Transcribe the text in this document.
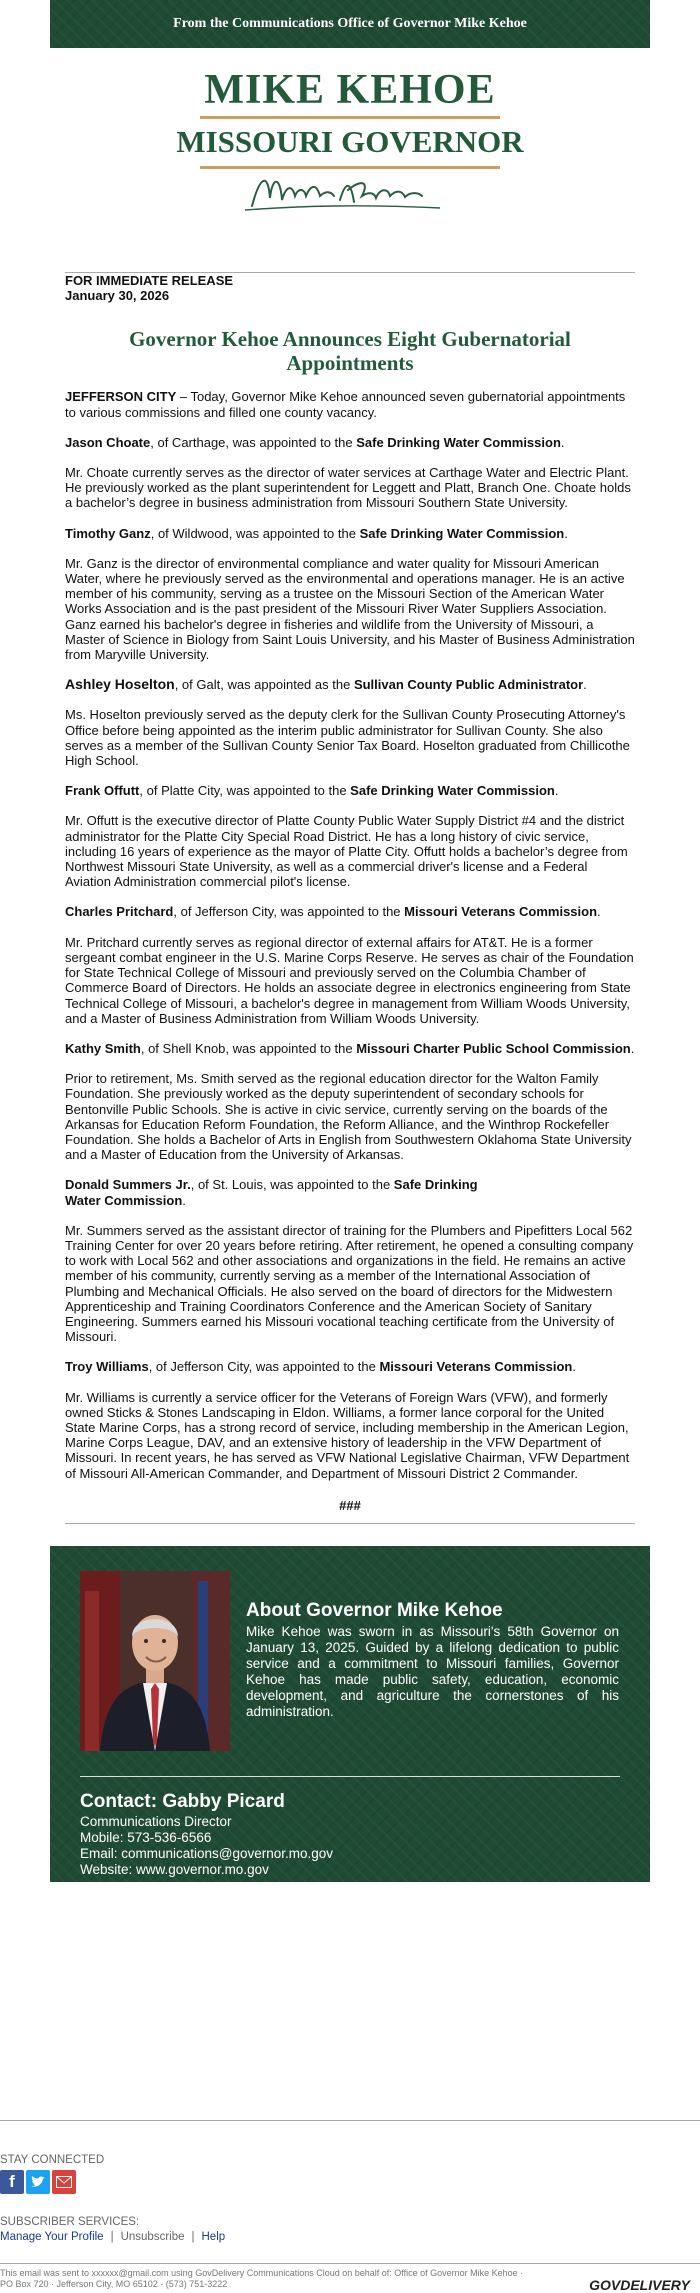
From the Communications Office of Governor Mike Kehoe
MIKE KEHOE
MISSOURI GOVERNOR

FOR IMMEDIATE RELEASE

January 30, 2026

Governor Kehoe Announces Eight Gubernatorial Appointments

JEFFERSON CITY – Today, Governor Mike Kehoe announced seven gubernatorial appointments to various commissions and filled one county vacancy.

Jason Choate, of Carthage, was appointed to the Safe Drinking Water Commission.

Mr. Choate currently serves as the director of water services at Carthage Water and Electric Plant. He previously worked as the plant superintendent for Leggett and Platt, Branch One. Choate holds a bachelor’s degree in business administration from Missouri Southern State University.

Timothy Ganz, of Wildwood, was appointed to the Safe Drinking Water Commission.

Mr. Ganz is the director of environmental compliance and water quality for Missouri American Water, where he previously served as the environmental and operations manager. He is an active member of his community, serving as a trustee on the Missouri Section of the American Water Works Association and is the past president of the Missouri River Water Suppliers Association. Ganz earned his bachelor's degree in fisheries and wildlife from the University of Missouri, a Master of Science in Biology from Saint Louis University, and his Master of Business Administration from Maryville University.

Ashley Hoselton, of Galt, was appointed as the Sullivan County Public Administrator.

Ms. Hoselton previously served as the deputy clerk for the Sullivan County Prosecuting Attorney's Office before being appointed as the interim public administrator for Sullivan County. She also serves as a member of the Sullivan County Senior Tax Board. Hoselton graduated from Chillicothe High School.

Frank Offutt, of Platte City, was appointed to the Safe Drinking Water Commission.

Mr. Offutt is the executive director of Platte County Public Water Supply District #4 and the district administrator for the Platte City Special Road District. He has a long history of civic service, including 16 years of experience as the mayor of Platte City. Offutt holds a bachelor’s degree from Northwest Missouri State University, as well as a commercial driver's license and a Federal Aviation Administration commercial pilot's license.

Charles Pritchard, of Jefferson City, was appointed to the Missouri Veterans Commission.

Mr. Pritchard currently serves as regional director of external affairs for AT&T. He is a former sergeant combat engineer in the U.S. Marine Corps Reserve. He serves as chair of the Foundation for State Technical College of Missouri and previously served on the Columbia Chamber of Commerce Board of Directors. He holds an associate degree in electronics engineering from State Technical College of Missouri, a bachelor's degree in management from William Woods University, and a Master of Business Administration from William Woods University.

Kathy Smith, of Shell Knob, was appointed to the Missouri Charter Public School Commission.

Prior to retirement, Ms. Smith served as the regional education director for the Walton Family Foundation. She previously worked as the deputy superintendent of secondary schools for Bentonville Public Schools. She is active in civic service, currently serving on the boards of the Arkansas for Education Reform Foundation, the Reform Alliance, and the Winthrop Rockefeller Foundation. She holds a Bachelor of Arts in English from Southwestern Oklahoma State University and a Master of Education from the University of Arkansas.

Donald Summers Jr., of St. Louis, was appointed to the Safe Drinking Water Commission.

Mr. Summers served as the assistant director of training for the Plumbers and Pipefitters Local 562 Training Center for over 20 years before retiring. After retirement, he opened a consulting company to work with Local 562 and other associations and organizations in the field. He remains an active member of his community, currently serving as a member of the International Association of Plumbing and Mechanical Officials. He also served on the board of directors for the Midwestern Apprenticeship and Training Coordinators Conference and the American Society of Sanitary Engineering. Summers earned his Missouri vocational teaching certificate from the University of Missouri.

Troy Williams, of Jefferson City, was appointed to the Missouri Veterans Commission.

Mr. Williams is currently a service officer for the Veterans of Foreign Wars (VFW), and formerly owned Sticks & Stones Landscaping in Eldon. Williams, a former lance corporal for the United State Marine Corps, has a strong record of service, including membership in the American Legion, Marine Corps League, DAV, and an extensive history of leadership in the VFW Department of Missouri. In recent years, he has served as VFW National Legislative Chairman, VFW Department of Missouri All-American Commander, and Department of Missouri District 2 Commander.

###

About Governor Mike Kehoe
Mike Kehoe was sworn in as Missouri's 58th Governor on January 13, 2025. Guided by a lifelong dedication to public service and a commitment to Missouri families, Governor Kehoe has made public safety, education, economic development, and agriculture the cornerstones of his administration.
Contact: Gabby Picard
Communications Director
Mobile: 573-536-6566
Email: communications@governor.mo.gov
Website: www.governor.mo.gov
STAY CONNECTED
f
SUBSCRIBER SERVICES:
Manage Your Profile | Unsubscribe | Help
This email was sent to xxxxxx@gmail.com using GovDelivery Communications Cloud on behalf of: Office of Governor Mike Kehoe ·
PO Box 720 · Jefferson City, MO 65102 · (573) 751-3222	GOVDELIVERY
